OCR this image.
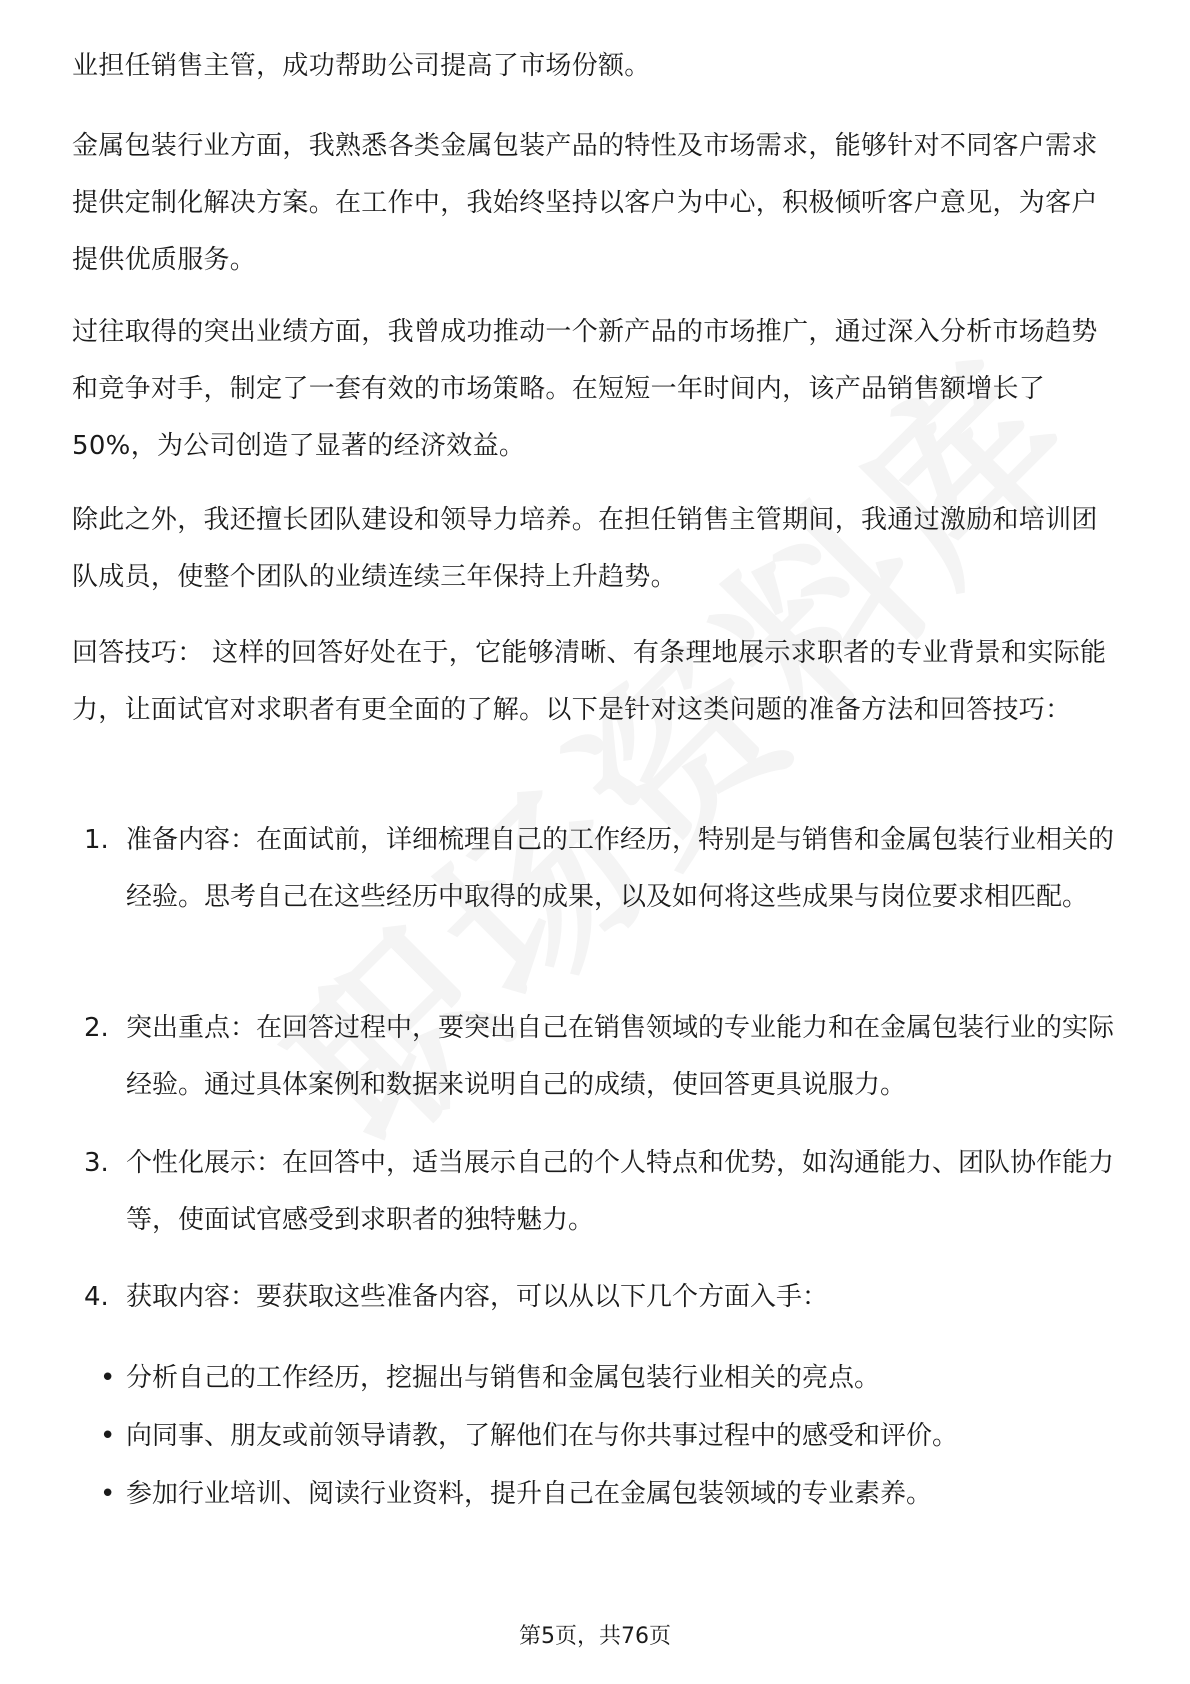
业担任销售主管，成功帮助公司提高了市场份额。

金属包装行业方面，我熟悉各类金属包装产品的特性及市场需求，能够针对不同客户需求提供定制化解决方案。在工作中，我始终坚持以客户为中心，积极倾听客户意见，为客户提供优质服务。

过往取得的突出业绩方面，我曾成功推动一个新产品的市场推广，通过深入分析市场趋势和竞争对手，制定了一套有效的市场策略。在短短一年时间内，该产品销售额增长了50%，为公司创造了显著的经济效益。

除此之外，我还擅长团队建设和领导力培养。在担任销售主管期间，我通过激励和培训团队成员，使整个团队的业绩连续三年保持上升趋势。

回答技巧： 这样的回答好处在于，它能够清晰、有条理地展示求职者的专业背景和实际能力，让面试官对求职者有更全面的了解。以下是针对这类问题的准备方法和回答技巧：

1. 准备内容：在面试前，详细梳理自己的工作经历，特别是与销售和金属包装行业相关的经验。思考自己在这些经历中取得的成果，以及如何将这些成果与岗位要求相匹配。
2. 突出重点：在回答过程中，要突出自己在销售领域的专业能力和在金属包装行业的实际经验。通过具体案例和数据来说明自己的成绩，使回答更具说服力。
3. 个性化展示：在回答中，适当展示自己的个人特点和优势，如沟通能力、团队协作能力等，使面试官感受到求职者的独特魅力。
4. 获取内容：要获取这些准备内容，可以从以下几个方面入手：
• 分析自己的工作经历，挖掘出与销售和金属包装行业相关的亮点。
• 向同事、朋友或前领导请教，了解他们在与你共事过程中的感受和评价。
• 参加行业培训、阅读行业资料，提升自己在金属包装领域的专业素养。
第5页，共76页
